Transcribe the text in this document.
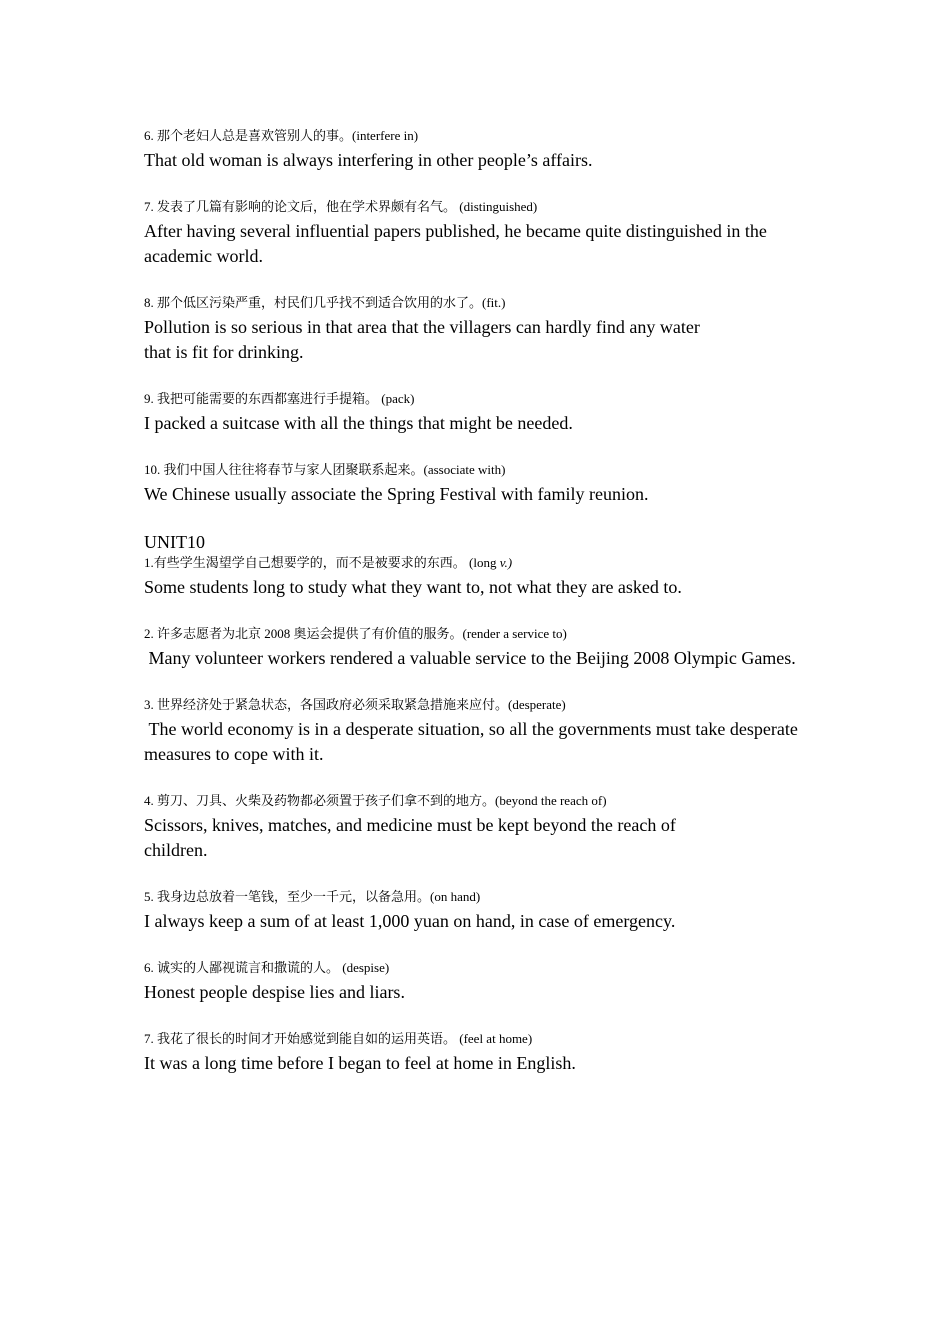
6. 那个老妇人总是喜欢管别人的事。(interfere in)
That old woman is always interfering in other people’s affairs.
7. 发表了几篇有影响的论文后，他在学术界颇有名气。 (distinguished)
After having several influential papers published, he became quite distinguished in the academic world.
8. 那个低区污染严重，村民们几乎找不到适合饮用的水了。(fit.)
Pollution is so serious in that area that the villagers can hardly find any water
that is fit for drinking.
9. 我把可能需要的东西都塞进行手提箱。 (pack)
I packed a suitcase with all the things that might be needed.
10. 我们中国人往往将春节与家人团聚联系起来。(associate with)
We Chinese usually associate the Spring Festival with family reunion.
UNIT10
1.有些学生渴望学自己想要学的，而不是被要求的东西。 (long v.)
Some students long to study what they want to, not what they are asked to.
2. 许多志愿者为北京 2008 奥运会提供了有价值的服务。(render a service to)
Many volunteer workers rendered a valuable service to the Beijing 2008 Olympic Games.
3. 世界经济处于紧急状态，各国政府必须采取紧急措施来应付。(desperate)
The world economy is in a desperate situation, so all the governments must take desperate measures to cope with it.
4. 剪刀、刀具、火柴及药物都必须置于孩子们拿不到的地方。(beyond the reach of)
Scissors, knives, matches, and medicine must be kept beyond the reach of
children.
5. 我身边总放着一笔钱，至少一千元，以备急用。(on hand)
I always keep a sum of at least 1,000 yuan on hand, in case of emergency.
6. 诚实的人鄙视谎言和撒谎的人。 (despise)
Honest people despise lies and liars.
7. 我花了很长的时间才开始感觉到能自如的运用英语。 (feel at home)
It was a long time before I began to feel at home in English.
